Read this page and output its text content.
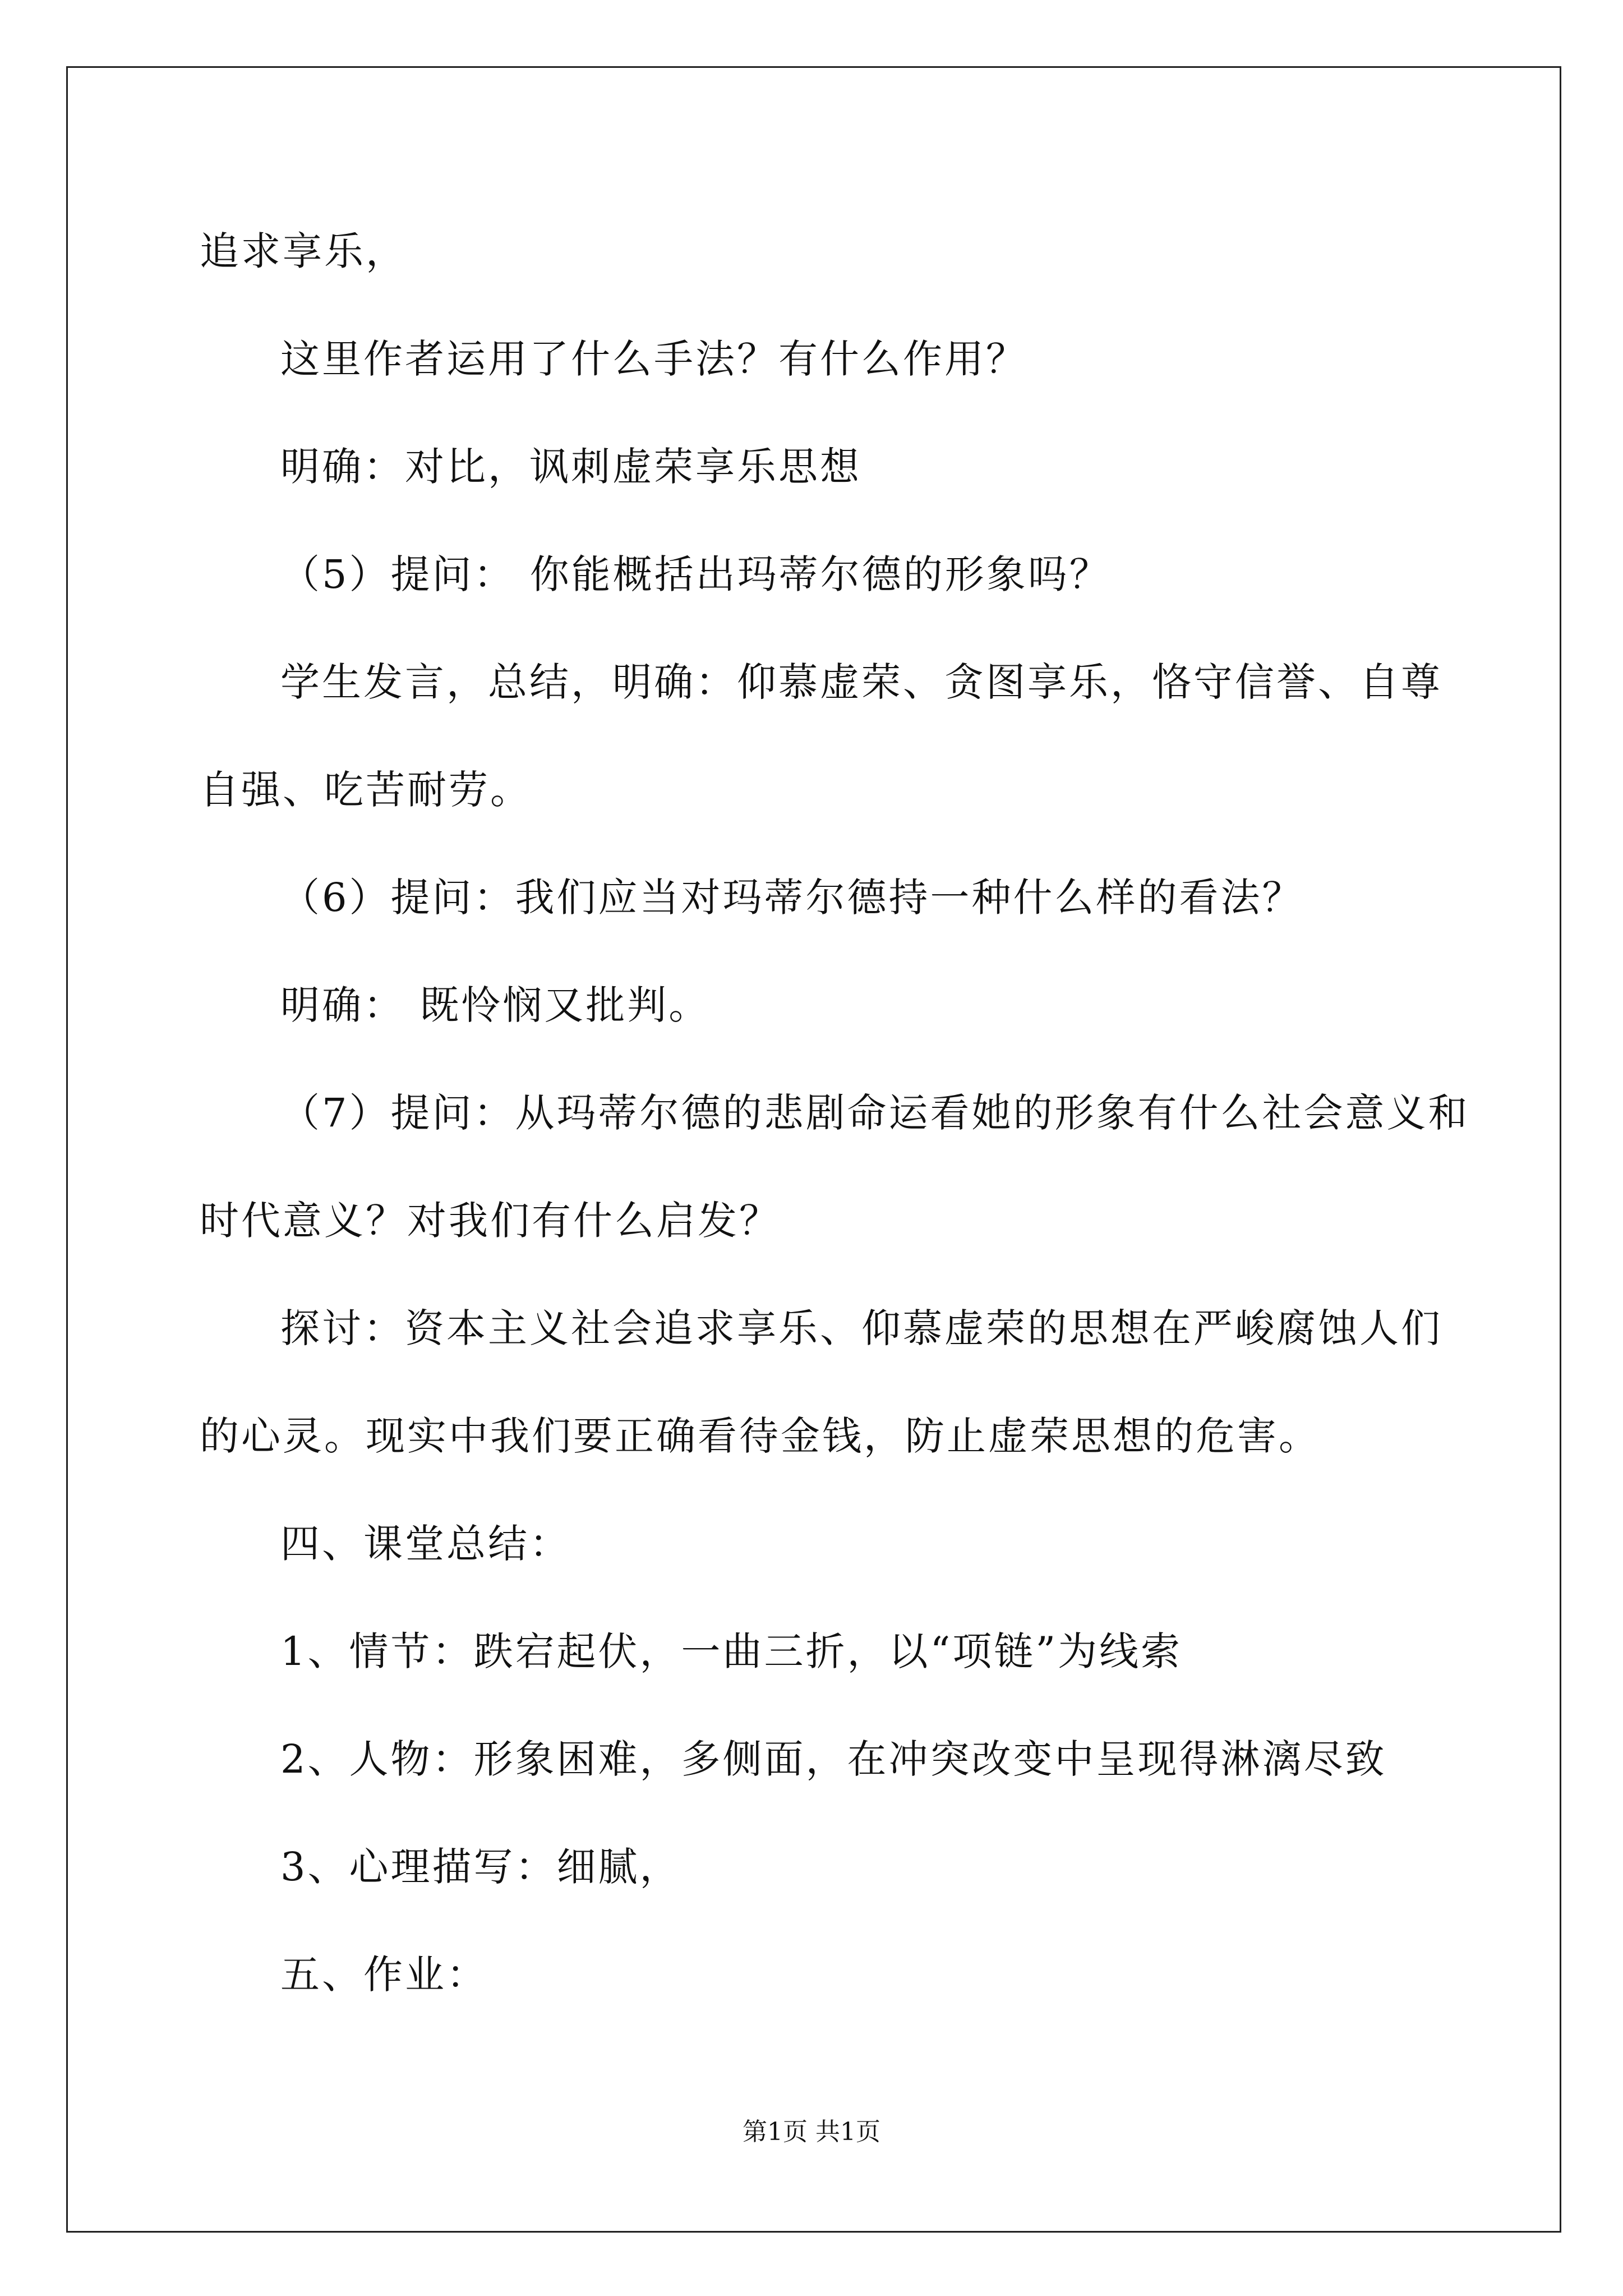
追求享乐，
这里作者运用了什么手法？有什么作用？
明确：对比，讽刺虚荣享乐思想
（5）提问： 你能概括出玛蒂尔德的形象吗？
学生发言，总结，明确：仰慕虚荣、贪图享乐，恪守信誉、自尊
自强、吃苦耐劳。
（6）提问：我们应当对玛蒂尔德持一种什么样的看法？
明确： 既怜悯又批判。
（7）提问：从玛蒂尔德的悲剧命运看她的形象有什么社会意义和
时代意义？对我们有什么启发？
探讨：资本主义社会追求享乐、仰慕虚荣的思想在严峻腐蚀人们
的心灵。现实中我们要正确看待金钱，防止虚荣思想的危害。
四、课堂总结：
1、情节：跌宕起伏，一曲三折，以“项链”为线索
2、人物：形象困难，多侧面，在冲突改变中呈现得淋漓尽致
3、心理描写：细腻，
五、作业：
第1页 共1页
